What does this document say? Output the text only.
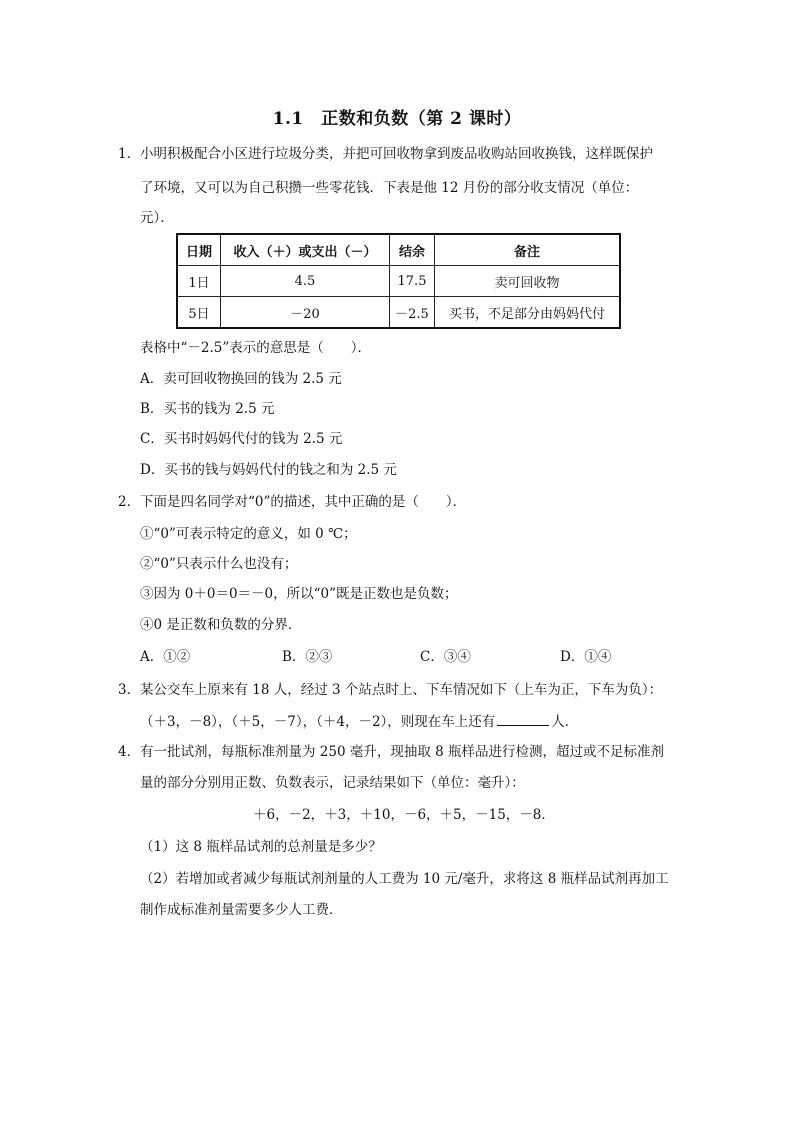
1.1　正数和负数（第 2 课时）
1． 小明积极配合小区进行垃圾分类，并把可回收物拿到废品收购站回收换钱，这样既保护
了环境，又可以为自己积攒一些零花钱．下表是他 12 月份的部分收支情况（单位：
元）．
日期	收入（＋）或支出（－）	结余	备注
1日	4.5	17.5	卖可回收物
5日	－20	－2.5	买书，不足部分由妈妈代付
表格中“－2.5”表示的意思是（　　）．
A．卖可回收物换回的钱为 2.5 元
B．买书的钱为 2.5 元
C．买书时妈妈代付的钱为 2.5 元
D．买书的钱与妈妈代付的钱之和为 2.5 元
2． 下面是四名同学对“0”的描述，其中正确的是（　　）．
①“0”可表示特定的意义，如 0 ℃；
②“0”只表示什么也没有；
③因为 0＋0＝0＝－0，所以“0”既是正数也是负数；
④0 是正数和负数的分界．
A．①②	B．②③	C．③④	D．①④
3． 某公交车上原来有 18 人，经过 3 个站点时上、下车情况如下（上车为正，下车为负）：
（＋3，－8），（＋5，－7），（＋4，－2），则现在车上还有	人．
4． 有一批试剂，每瓶标准剂量为 250 毫升，现抽取 8 瓶样品进行检测，超过或不足标准剂
量的部分分别用正数、负数表示，记录结果如下（单位：毫升）：
＋6，－2，＋3，＋10，－6，＋5，－15，－8．
（1）这 8 瓶样品试剂的总剂量是多少？
（2）若增加或者减少每瓶试剂剂量的人工费为 10 元/毫升，求将这 8 瓶样品试剂再加工
制作成标准剂量需要多少人工费．
